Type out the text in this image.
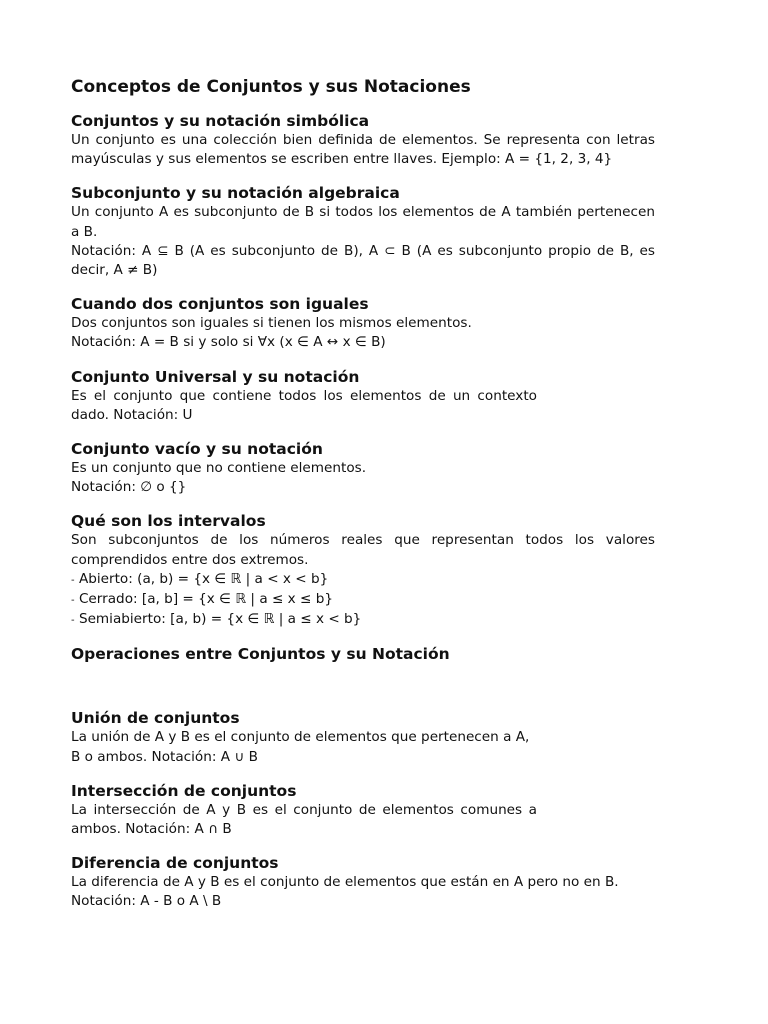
Conceptos de Conjuntos y sus Notaciones
Conjuntos y su notación simbólica

Un conjunto es una colección bien definida de elementos. Se representa con letras mayúsculas y sus elementos se escriben entre llaves. Ejemplo: A = {1, 2, 3, 4}

Subconjunto y su notación algebraica

Un conjunto A es subconjunto de B si todos los elementos de A también pertenecen a B.

Notación: A ⊆ B (A es subconjunto de B), A ⊂ B (A es subconjunto propio de B, es decir, A ≠ B)

Cuando dos conjuntos son iguales

Dos conjuntos son iguales si tienen los mismos elementos.

Notación: A = B si y solo si ∀x (x ∈ A ↔ x ∈ B)

Conjunto Universal y su notación

Es el conjunto que contiene todos los elementos de un contexto dado. Notación: U

Conjunto vacío y su notación

Es un conjunto que no contiene elementos.

Notación: ∅ o {}

Qué son los intervalos

Son subconjuntos de los números reales que representan todos los valores comprendidos entre dos extremos.

- Abierto: (a, b) = {x ∈ ℝ | a < x < b}

- Cerrado: [a, b] = {x ∈ ℝ | a ≤ x ≤ b}

- Semiabierto: [a, b) = {x ∈ ℝ | a ≤ x < b}

Operaciones entre Conjuntos y su Notación
Unión de conjuntos

La unión de A y B es el conjunto de elementos que pertenecen a A, B o ambos. Notación: A ∪ B

Intersección de conjuntos

La intersección de A y B es el conjunto de elementos comunes a ambos. Notación: A ∩ B

Diferencia de conjuntos

La diferencia de A y B es el conjunto de elementos que están en A pero no en B.

Notación: A - B o A \ B
